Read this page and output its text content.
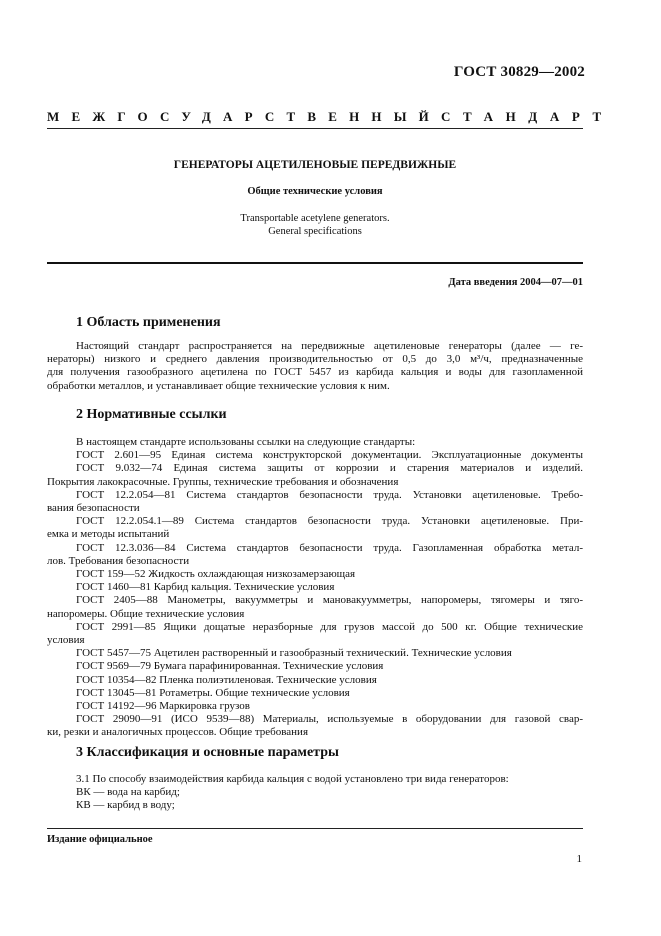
ГОСТ 30829—2002
МЕЖГОСУДАРСТВЕННЫЙ СТАНДАРТ
ГЕНЕРАТОРЫ АЦЕТИЛЕНОВЫЕ ПЕРЕДВИЖНЫЕ
Общие технические условия
Transportable acetylene generators.
General specifications
Дата введения 2004—07—01
1 Область применения
Настоящий стандарт распространяется на передвижные ацетиленовые генераторы (далее — ге-
нераторы) низкого и среднего давления производительностью от 0,5 до 3,0 м³/ч, предназначенные
для получения газообразного ацетилена по ГОСТ 5457 из карбида кальция и воды для газопламенной
обработки металлов, и устанавливает общие технические условия к ним.
2 Нормативные ссылки
В настоящем стандарте использованы ссылки на следующие стандарты:
ГОСТ 2.601—95 Единая система конструкторской документации. Эксплуатационные документы
ГОСТ 9.032—74 Единая система защиты от коррозии и старения материалов и изделий.
Покрытия лакокрасочные. Группы, технические требования и обозначения
ГОСТ 12.2.054—81 Система стандартов безопасности труда. Установки ацетиленовые. Требо-
вания безопасности
ГОСТ 12.2.054.1—89 Система стандартов безопасности труда. Установки ацетиленовые. При-
емка и методы испытаний
ГОСТ 12.3.036—84 Система стандартов безопасности труда. Газопламенная обработка метал-
лов. Требования безопасности
ГОСТ 159—52 Жидкость охлаждающая низкозамерзающая
ГОСТ 1460—81 Карбид кальция. Технические условия
ГОСТ 2405—88 Манометры, вакуумметры и мановакуумметры, напоромеры, тягомеры и тяго-
напоромеры. Общие технические условия
ГОСТ 2991—85 Ящики дощатые неразборные для грузов массой до 500 кг. Общие технические
условия
ГОСТ 5457—75 Ацетилен растворенный и газообразный технический. Технические условия
ГОСТ 9569—79 Бумага парафинированная. Технические условия
ГОСТ 10354—82 Пленка полиэтиленовая. Технические условия
ГОСТ 13045—81 Ротаметры. Общие технические условия
ГОСТ 14192—96 Маркировка грузов
ГОСТ 29090—91 (ИСО 9539—88) Материалы, используемые в оборудовании для газовой свар-
ки, резки и аналогичных процессов. Общие требования
3 Классификация и основные параметры
3.1 По способу взаимодействия карбида кальция с водой установлено три вида генераторов:
ВК — вода на карбид;
КВ — карбид в воду;
Издание официальное
1
